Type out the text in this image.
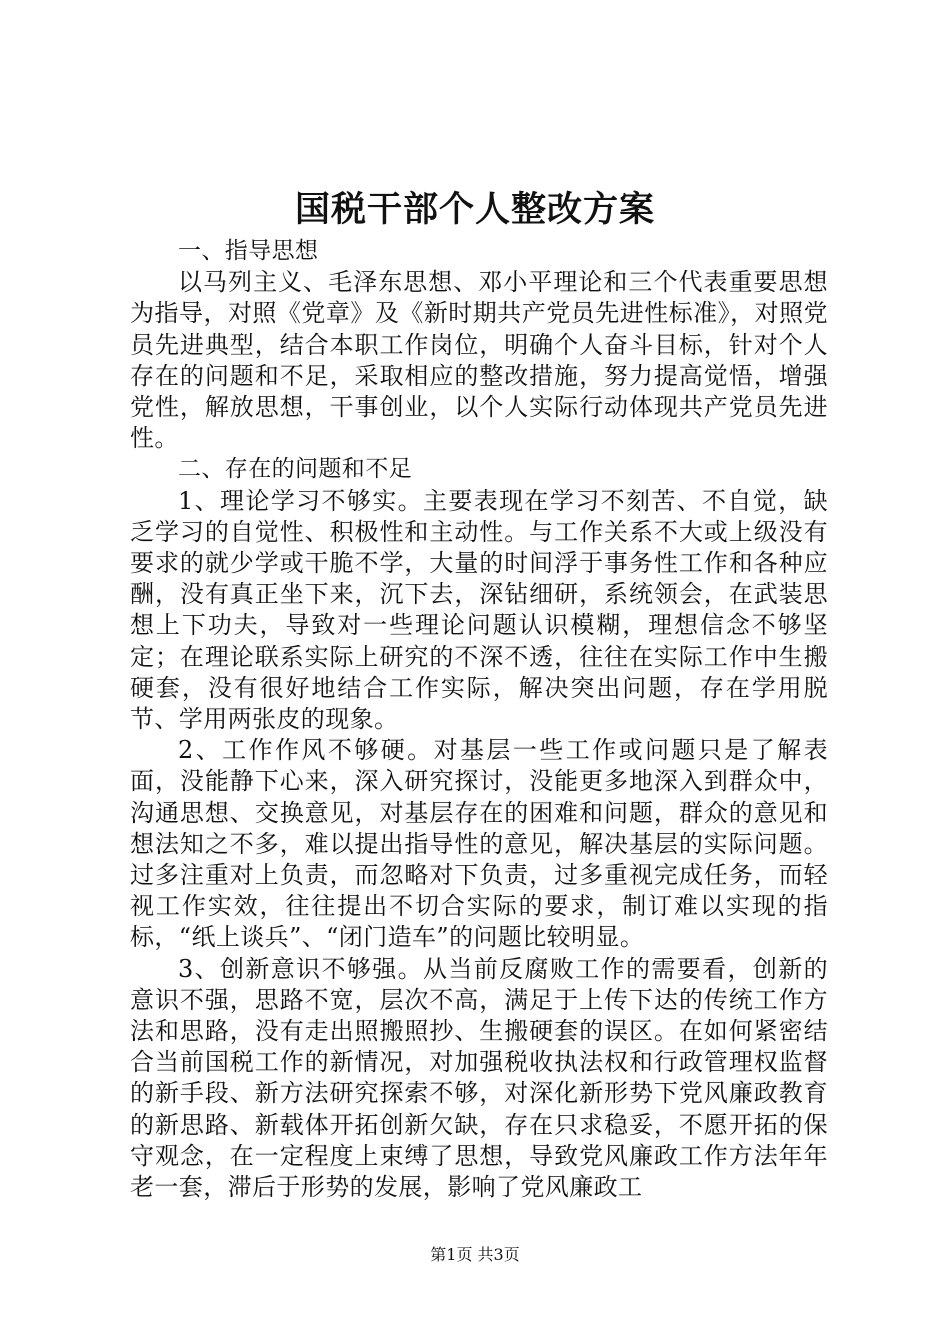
国税干部个人整改方案

一、指导思想

以马列主义、毛泽东思想、邓小平理论和三个代表重要思想为指导，对照《党章》及《新时期共产党员先进性标准》，对照党员先进典型，结合本职工作岗位，明确个人奋斗目标，针对个人存在的问题和不足，采取相应的整改措施，努力提高觉悟，增强党性，解放思想，干事创业，以个人实际行动体现共产党员先进性。

二、存在的问题和不足

1、理论学习不够实。主要表现在学习不刻苦、不自觉，缺乏学习的自觉性、积极性和主动性。与工作关系不大或上级没有要求的就少学或干脆不学，大量的时间浮于事务性工作和各种应酬，没有真正坐下来，沉下去，深钻细研，系统领会，在武装思想上下功夫，导致对一些理论问题认识模糊，理想信念不够坚定；在理论联系实际上研究的不深不透，往往在实际工作中生搬硬套，没有很好地结合工作实际，解决突出问题，存在学用脱节、学用两张皮的现象。

2、工作作风不够硬。对基层一些工作或问题只是了解表面，没能静下心来，深入研究探讨，没能更多地深入到群众中，沟通思想、交换意见，对基层存在的困难和问题，群众的意见和想法知之不多，难以提出指导性的意见，解决基层的实际问题。过多注重对上负责，而忽略对下负责，过多重视完成任务，而轻视工作实效，往往提出不切合实际的要求，制订难以实现的指标，“纸上谈兵”、“闭门造车”的问题比较明显。

3、创新意识不够强。从当前反腐败工作的需要看，创新的意识不强，思路不宽，层次不高，满足于上传下达的传统工作方法和思路，没有走出照搬照抄、生搬硬套的误区。在如何紧密结合当前国税工作的新情况，对加强税收执法权和行政管理权监督的新手段、新方法研究探索不够，对深化新形势下党风廉政教育的新思路、新载体开拓创新欠缺，存在只求稳妥，不愿开拓的保守观念，在一定程度上束缚了思想，导致党风廉政工作方法年年老一套，滞后于形势的发展，影响了党风廉政工

第1页 共3页
